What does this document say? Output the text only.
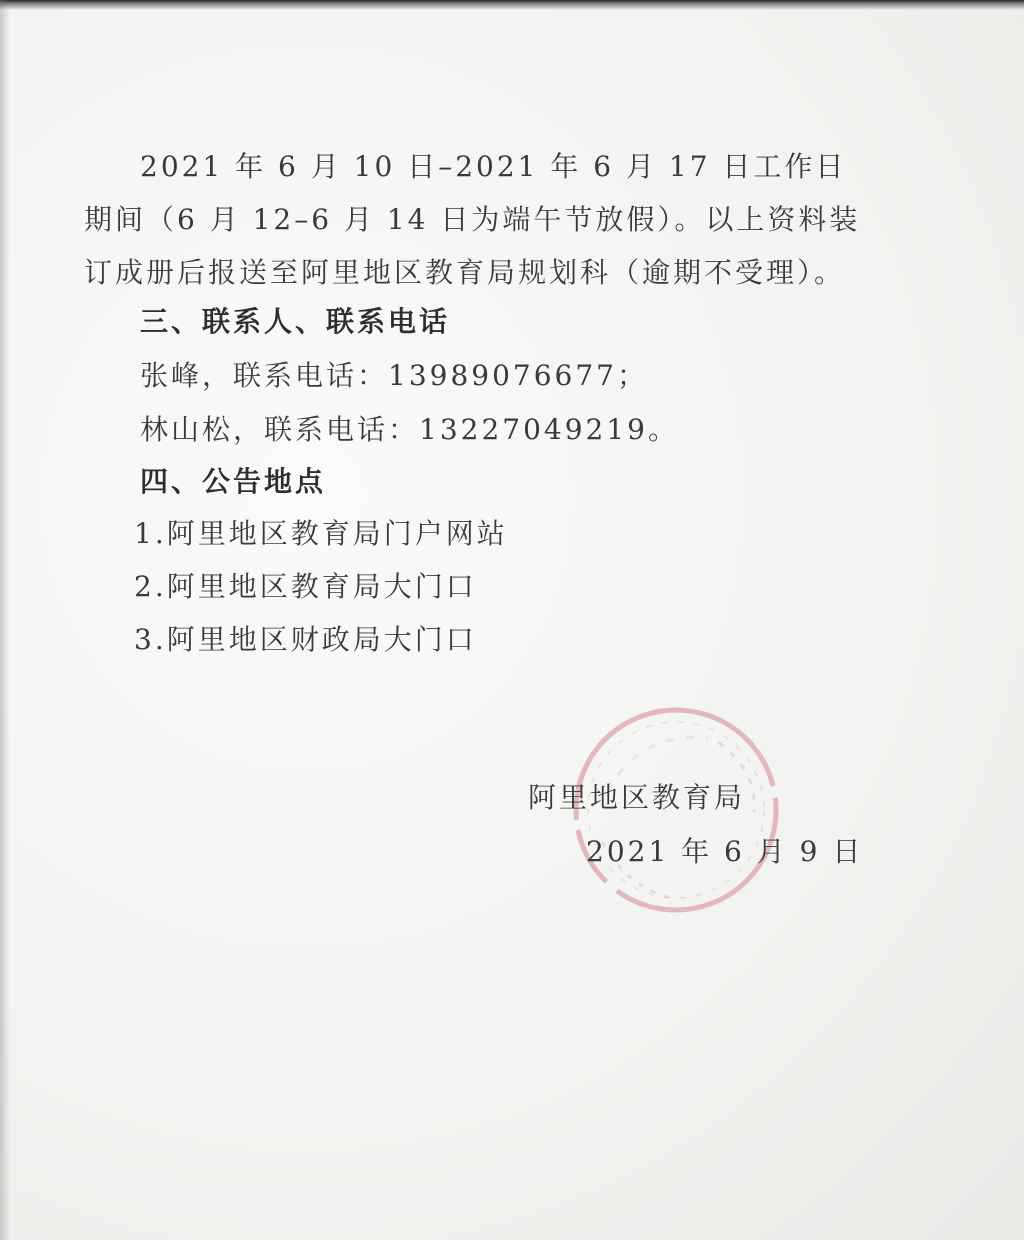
2021 年 6 月 10 日–2021 年 6 月 17 日工作日期间（6 月 12–6 月 14 日为端午节放假）。以上资料装订成册后报送至阿里地区教育局规划科（逾期不受理）。

三、联系人、联系电话

张峰，联系电话：13989076677；

林山松，联系电话：13227049219。

四、公告地点

1.阿里地区教育局门户网站

2.阿里地区教育局大门口

3.阿里地区财政局大门口

阿里地区教育局
2021 年 6 月 9 日
